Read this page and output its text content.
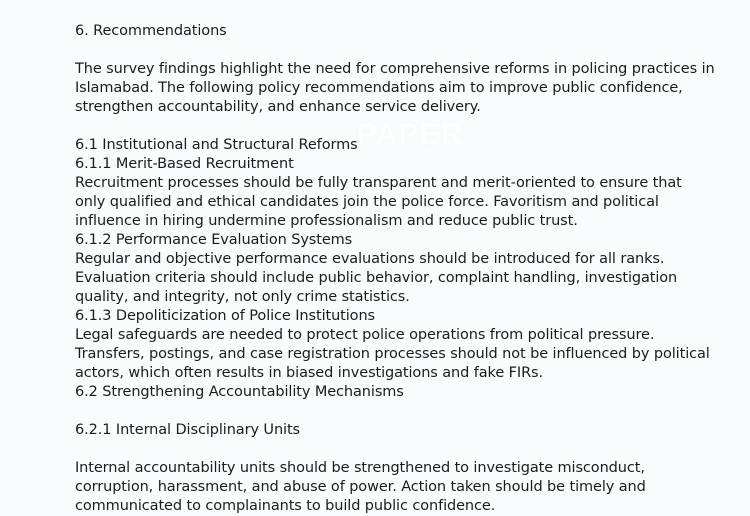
PAPER
6. Recommendations

The survey findings highlight the need for comprehensive reforms in policing practices in Islamabad. The following policy recommendations aim to improve public confidence, strengthen accountability, and enhance service delivery.

6.1 Institutional and Structural Reforms
6.1.1 Merit-Based Recruitment

Recruitment processes should be fully transparent and merit-oriented to ensure that only qualified and ethical candidates join the police force. Favoritism and political influence in hiring undermine professionalism and reduce public trust.

6.1.2 Performance Evaluation Systems

Regular and objective performance evaluations should be introduced for all ranks. Evaluation criteria should include public behavior, complaint handling, investigation quality, and integrity, not only crime statistics.

6.1.3 Depoliticization of Police Institutions

Legal safeguards are needed to protect police operations from political pressure. Transfers, postings, and case registration processes should not be influenced by political actors, which often results in biased investigations and fake FIRs.

6.2 Strengthening Accountability Mechanisms
6.2.1 Internal Disciplinary Units

Internal accountability units should be strengthened to investigate misconduct, corruption, harassment, and abuse of power. Action taken should be timely and communicated to complainants to build public confidence.
